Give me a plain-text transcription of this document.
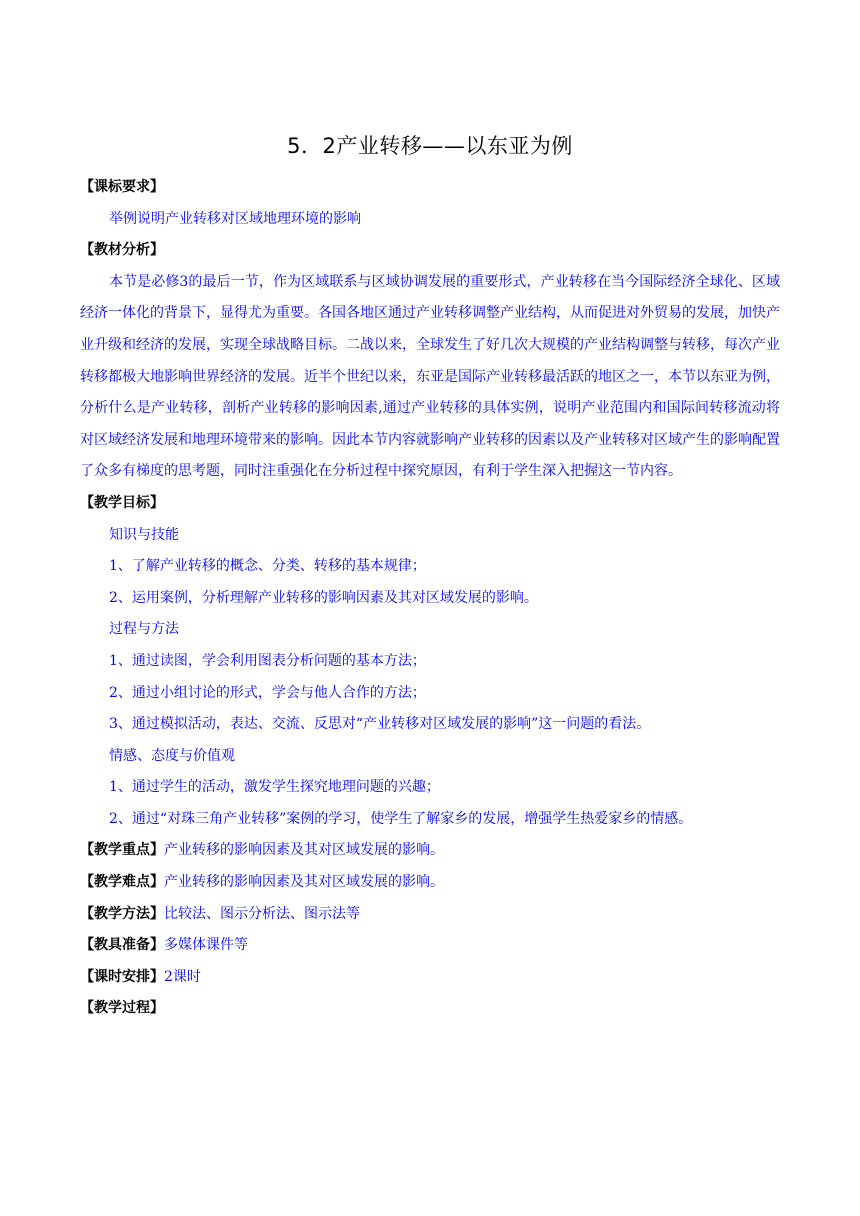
5．2产业转移——以东亚为例

【课标要求】

举例说明产业转移对区域地理环境的影响

【教材分析】

本节是必修3的最后一节，作为区域联系与区域协调发展的重要形式，产业转移在当今国际经济全球化、区域经济一体化的背景下，显得尤为重要。各国各地区通过产业转移调整产业结构，从而促进对外贸易的发展，加快产业升级和经济的发展，实现全球战略目标。二战以来，全球发生了好几次大规模的产业结构调整与转移，每次产业转移都极大地影响世界经济的发展。近半个世纪以来，东亚是国际产业转移最活跃的地区之一，本节以东亚为例，分析什么是产业转移，剖析产业转移的影响因素,通过产业转移的具体实例，说明产业范围内和国际间转移流动将对区域经济发展和地理环境带来的影响。因此本节内容就影响产业转移的因素以及产业转移对区域产生的影响配置了众多有梯度的思考题，同时注重强化在分析过程中探究原因，有利于学生深入把握这一节内容。

【教学目标】

知识与技能

1、了解产业转移的概念、分类、转移的基本规律；

2、运用案例，分析理解产业转移的影响因素及其对区域发展的影响。

过程与方法

1、通过读图，学会利用图表分析问题的基本方法；

2、通过小组讨论的形式，学会与他人合作的方法；

3、通过模拟活动，表达、交流、反思对“产业转移对区域发展的影响”这一问题的看法。

情感、态度与价值观

1、通过学生的活动，激发学生探究地理问题的兴趣；

2、通过“对珠三角产业转移”案例的学习，使学生了解家乡的发展，增强学生热爱家乡的情感。

【教学重点】产业转移的影响因素及其对区域发展的影响。

【教学难点】产业转移的影响因素及其对区域发展的影响。

【教学方法】比较法、图示分析法、图示法等

【教具准备】多媒体课件等

【课时安排】2课时

【教学过程】
